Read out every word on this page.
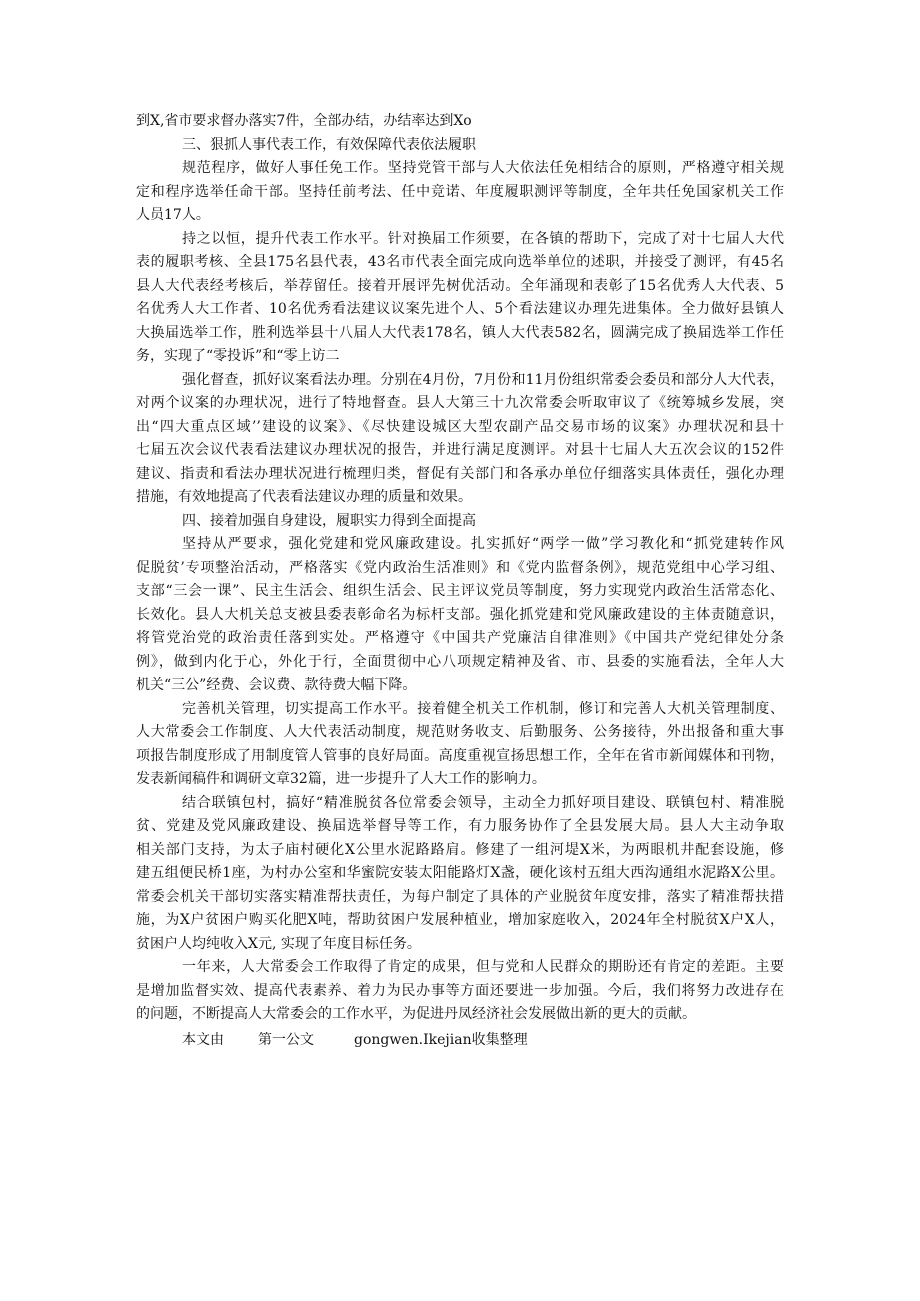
到X,省市要求督办落实7件，全部办结，办结率达到Xo
三、狠抓人事代表工作，有效保障代表依法履职
规范程序，做好人事任免工作。坚持党管干部与人大依法任免相结合的原则，严格遵守相关规
定和程序选举任命干部。坚持任前考法、任中竞诺、年度履职测评等制度，全年共任免国家机关工作
人员17人。
持之以恒，提升代表工作水平。针对换届工作须要，在各镇的帮助下，完成了对十七届人大代
表的履职考核、全县175名县代表，43名市代表全面完成向选举单位的述职，并接受了测评，有45名
县人大代表经考核后，举荐留任。接着开展评先树优活动。全年涌现和表彰了15名优秀人大代表、5
名优秀人大工作者、10名优秀看法建议议案先进个人、5个看法建议办理先进集体。全力做好县镇人
大换届选举工作，胜利选举县十八届人大代表178名，镇人大代表582名，圆满完成了换届选举工作任
务，实现了“零投诉”和“零上访二
强化督查，抓好议案看法办理。分别在4月份，7月份和11月份组织常委会委员和部分人大代表，
对两个议案的办理状况，进行了特地督查。县人大第三十九次常委会听取审议了《统筹城乡发展，突
出“四大重点区域’’建设的议案》、《尽快建设城区大型农副产品交易市场的议案》办理状况和县十
七届五次会议代表看法建议办理状况的报告，并进行满足度测评。对县十七届人大五次会议的152件
建议、指责和看法办理状况进行梳理归类，督促有关部门和各承办单位仔细落实具体责任，强化办理
措施，有效地提高了代表看法建议办理的质量和效果。
四、接着加强自身建设，履职实力得到全面提高
坚持从严要求，强化党建和党风廉政建设。扎实抓好“两学一做”学习教化和“抓党建转作风
促脱贫’专项整治活动，严格落实《党内政治生活准则》和《党内监督条例》，规范党组中心学习组、
支部“三会一课”、民主生活会、组织生活会、民主评议党员等制度，努力实现党内政治生活常态化、
长效化。县人大机关总支被县委表彰命名为标杆支部。强化抓党建和党风廉政建设的主体责随意识，
将管党治党的政治责任落到实处。严格遵守《中国共产党廉洁自律准则》《中国共产党纪律处分条
例》，做到内化于心，外化于行，全面贯彻中心八项规定精神及省、市、县委的实施看法，全年人大
机关“三公”经费、会议费、款待费大幅下降。
完善机关管理，切实提高工作水平。接着健全机关工作机制，修订和完善人大机关管理制度、
人大常委会工作制度、人大代表活动制度，规范财务收支、后勤服务、公务接待，外出报备和重大事
项报告制度形成了用制度管人管事的良好局面。高度重视宣扬思想工作，全年在省市新闻媒体和刊物，
发表新闻稿件和调研文章32篇，进一步提升了人大工作的影响力。
结合联镇包村，搞好“精准脱贫各位常委会领导，主动全力抓好项目建设、联镇包村、精准脱
贫、党建及党风廉政建设、换届选举督导等工作，有力服务协作了全县发展大局。县人大主动争取
相关部门支持，为太子庙村硬化X公里水泥路路肩。修建了一组河堤X米，为两眼机井配套设施，修
建五组便民桥1座，为村办公室和华蜜院安装太阳能路灯X盏，硬化该村五组大西沟通组水泥路X公里。
常委会机关干部切实落实精准帮扶责任，为每户制定了具体的产业脱贫年度安排，落实了精准帮扶措
施，为X户贫困户购买化肥X吨，帮助贫困户发展种植业，增加家庭收入，2024年全村脱贫X户X人，
贫困户人均纯收入X元, 实现了年度目标任务。
一年来，人大常委会工作取得了肯定的成果，但与党和人民群众的期盼还有肯定的差距。主要
是增加监督实效、提高代表素养、着力为民办事等方面还要进一步加强。今后，我们将努力改进存在
的问题，不断提高人大常委会的工作水平，为促进丹凤经济社会发展做出新的更大的贡献。
本文由 第一公文	gongwen.Ikejian收集整理
